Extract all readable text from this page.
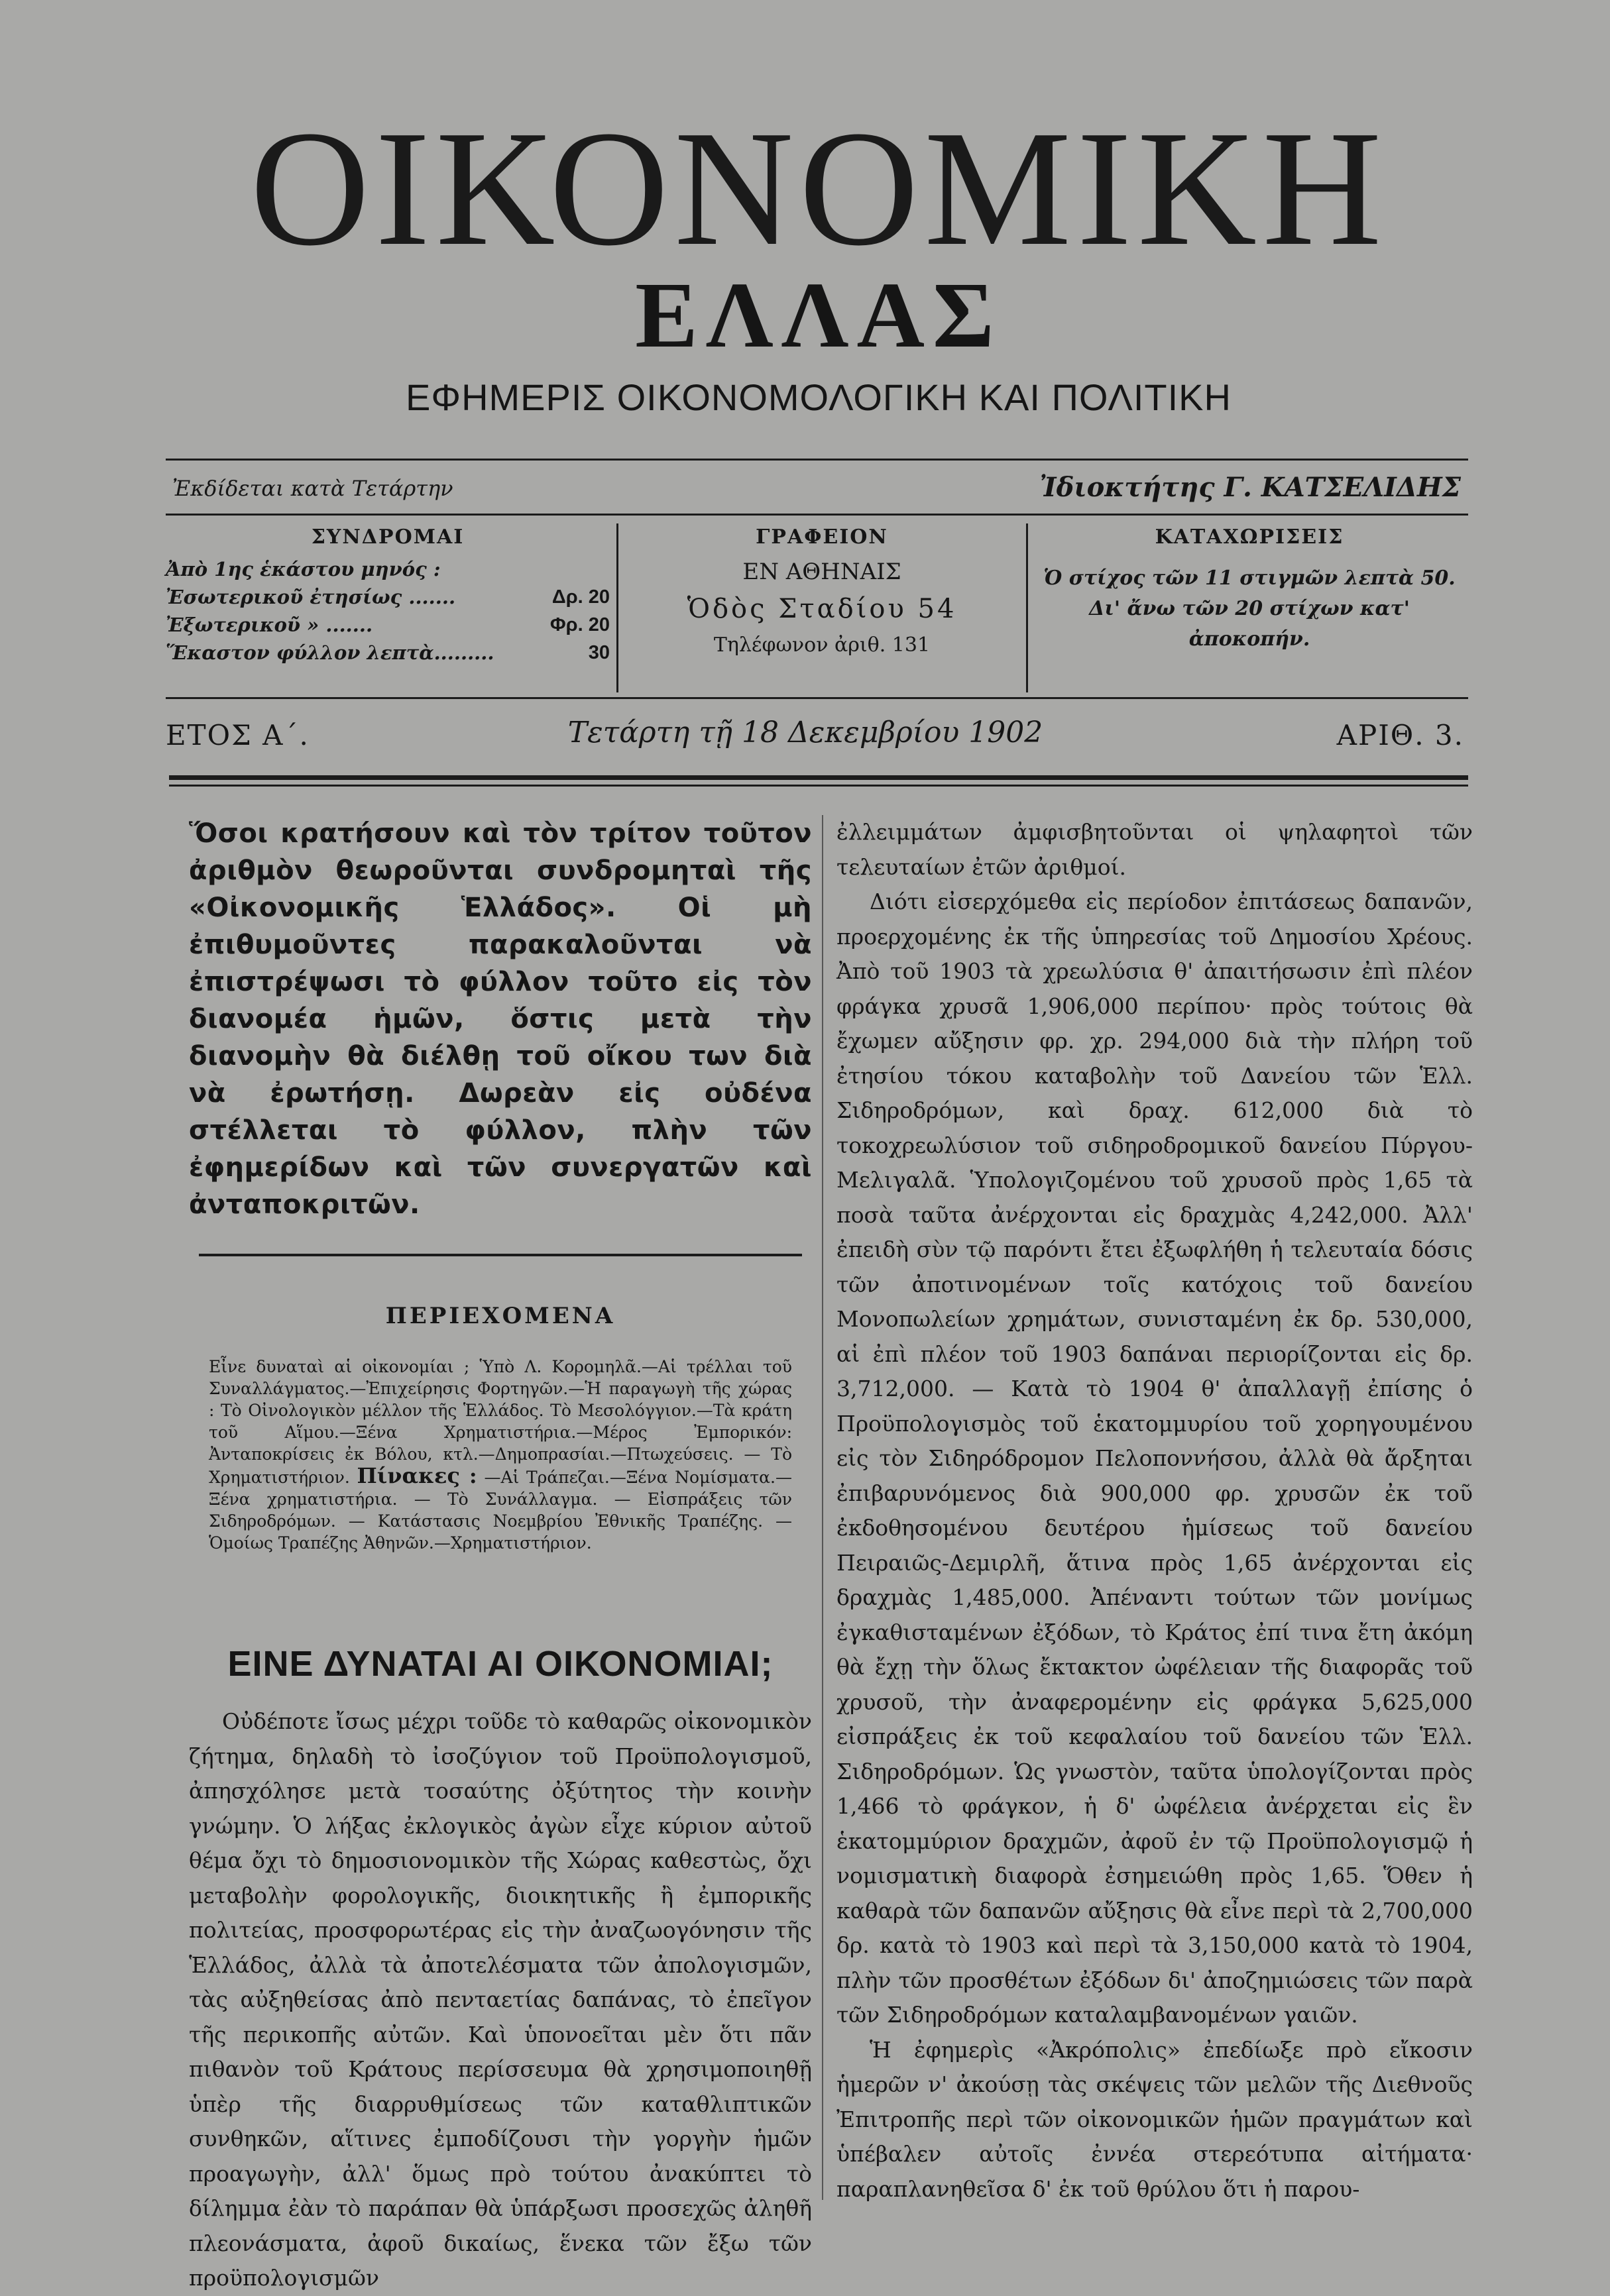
ΟΙΚΟΝΟΜΙΚΗ
ΕΛΛΑΣ
ΕΦΗΜΕΡΙΣ ΟΙΚΟΝΟΜΟΛΟΓΙΚΗ ΚΑΙ ΠΟΛΙΤΙΚΗ
Ἐκδίδεται κατὰ Τετάρτην	Ἰδιοκτήτης Γ. ΚΑΤΣΕΛΙΔΗΣ
ΣΥΝΔΡΟΜΑΙ
Ἀπὸ 1ης ἑκάστου μηνός :
Ἐσωτερικοῦ ἐτησίως .......	Δρ. 20
Ἐξωτερικοῦ » .......	Φρ. 20
Ἕκαστον φύλλον λεπτὰ.........	30
ΓΡΑΦΕΙΟΝ
ΕΝ ΑΘΗΝΑΙΣ
Ὁδὸς Σταδίου 54
Τηλέφωνον ἀριθ. 131
ΚΑΤΑΧΩΡΙΣΕΙΣ
Ὁ στίχος τῶν 11 στιγμῶν λεπτὰ 50. Δι' ἄνω τῶν 20 στίχων κατ' ἀποκοπήν.
ΕΤΟΣ Α΄.	Τετάρτη τῇ 18 Δεκεμβρίου 1902	ΑΡΙΘ. 3.

Ὅσοι κρατήσουν καὶ τὸν τρίτον τοῦτον ἀριθμὸν θεωροῦνται συνδρομηταὶ τῆς «Οἰκονομικῆς Ἑλλάδος». Οἱ μὴ ἐπιθυμοῦντες παρακαλοῦνται νὰ ἐπιστρέψωσι τὸ φύλλον τοῦτο εἰς τὸν διανομέα ἡμῶν, ὅστις μετὰ τὴν διανομὴν θὰ διέλθῃ τοῦ οἴκου των διὰ νὰ ἐρωτήσῃ. Δωρεὰν εἰς οὐδένα στέλλεται τὸ φύλλον, πλὴν τῶν ἐφημερίδων καὶ τῶν συνεργατῶν καὶ ἀνταποκριτῶν.

ΠΕΡΙΕΧΟΜΕΝΑ
Εἶνε δυναταὶ αἱ οἰκονομίαι ; Ὑπὸ Λ. Κορομηλᾶ.—Αἱ τρέλλαι τοῦ Συναλλάγματος.—Ἐπιχείρησις Φορτηγῶν.—Ἡ παραγωγὴ τῆς χώρας : Τὸ Οἰνολογικὸν μέλλον τῆς Ἑλλάδος. Τὸ Μεσολόγγιον.—Τὰ κράτη τοῦ Αἵμου.—Ξένα Χρηματιστήρια.—Μέρος Ἐμπορικόν: Ἀνταποκρίσεις ἐκ Βόλου, κτλ.—Δημοπρασίαι.—Πτωχεύσεις. — Τὸ Χρηματιστήριον. Πίνακες : —Αἱ Τράπεζαι.—Ξένα Νομίσματα.—Ξένα χρηματιστήρια. — Τὸ Συνάλλαγμα. — Εἰσπράξεις τῶν Σιδηροδρόμων. — Κατάστασις Νοεμβρίου Ἐθνικῆς Τραπέζης. — Ὁμοίως Τραπέζης Ἀθηνῶν.—Χρηματιστήριον.
ΕΙΝΕ ΔΥΝΑΤΑΙ ΑΙ ΟΙΚΟΝΟΜΙΑΙ;

Οὐδέποτε ἴσως μέχρι τοῦδε τὸ καθαρῶς οἰκονομικὸν ζήτημα, δηλαδὴ τὸ ἰσοζύγιον τοῦ Προϋπολογισμοῦ, ἀπησχόλησε μετὰ τοσαύτης ὀξύτητος τὴν κοινὴν γνώμην. Ὁ λήξας ἐκλογικὸς ἀγὼν εἶχε κύριον αὐτοῦ θέμα ὄχι τὸ δημοσιονομικὸν τῆς Χώρας καθεστὼς, ὄχι μεταβολὴν φορολογικῆς, διοικητικῆς ἢ ἐμπορικῆς πολιτείας, προσφορωτέρας εἰς τὴν ἀναζωογόνησιν τῆς Ἑλλάδος, ἀλλὰ τὰ ἀποτελέσματα τῶν ἀπολογισμῶν, τὰς αὐξηθείσας ἀπὸ πενταετίας δαπάνας, τὸ ἐπεῖγον τῆς περικοπῆς αὐτῶν. Καὶ ὑπονοεῖται μὲν ὅτι πᾶν πιθανὸν τοῦ Κράτους περίσσευμα θὰ χρησιμοποιηθῇ ὑπὲρ τῆς διαρρυθμίσεως τῶν καταθλιπτικῶν συνθηκῶν, αἵτινες ἐμποδίζουσι τὴν γοργὴν ἡμῶν προαγωγὴν, ἀλλ' ὅμως πρὸ τούτου ἀνακύπτει τὸ δίλημμα ἐὰν τὸ παράπαν θὰ ὑπάρξωσι προσεχῶς ἀληθῆ πλεονάσματα, ἀφοῦ δικαίως, ἕνεκα τῶν ἔξω τῶν προϋπολογισμῶν

ἐλλειμμάτων ἀμφισβητοῦνται οἱ ψηλαφητοὶ τῶν τελευταίων ἐτῶν ἀριθμοί.

Διότι εἰσερχόμεθα εἰς περίοδον ἐπιτάσεως δαπανῶν, προερχομένης ἐκ τῆς ὑπηρεσίας τοῦ Δημοσίου Χρέους. Ἀπὸ τοῦ 1903 τὰ χρεωλύσια θ' ἀπαιτήσωσιν ἐπὶ πλέον φράγκα χρυσᾶ 1,906,000 περίπου· πρὸς τούτοις θὰ ἔχωμεν αὔξησιν φρ. χρ. 294,000 διὰ τὴν πλήρη τοῦ ἐτησίου τόκου καταβολὴν τοῦ Δανείου τῶν Ἑλλ. Σιδηροδρόμων, καὶ δραχ. 612,000 διὰ τὸ τοκοχρεωλύσιον τοῦ σιδηροδρομικοῦ δανείου Πύργου-Μελιγαλᾶ. Ὑπολογιζομένου τοῦ χρυσοῦ πρὸς 1,65 τὰ ποσὰ ταῦτα ἀνέρχονται εἰς δραχμὰς 4,242,000. Ἀλλ' ἐπειδὴ σὺν τῷ παρόντι ἔτει ἐξωφλήθη ἡ τελευταία δόσις τῶν ἀποτινομένων τοῖς κατόχοις τοῦ δανείου Μονοπωλείων χρημάτων, συνισταμένη ἐκ δρ. 530,000, αἱ ἐπὶ πλέον τοῦ 1903 δαπάναι περιορίζονται εἰς δρ. 3,712,000. — Κατὰ τὸ 1904 θ' ἀπαλλαγῇ ἐπίσης ὁ Προϋπολογισμὸς τοῦ ἑκατομμυρίου τοῦ χορηγουμένου εἰς τὸν Σιδηρόδρομον Πελοποννήσου, ἀλλὰ θὰ ἄρξηται ἐπιβαρυνόμενος διὰ 900,000 φρ. χρυσῶν ἐκ τοῦ ἐκδοθησομένου δευτέρου ἡμίσεως τοῦ δανείου Πειραιῶς-Δεμιρλῆ, ἅτινα πρὸς 1,65 ἀνέρχονται εἰς δραχμὰς 1,485,000. Ἀπέναντι τούτων τῶν μονίμως ἐγκαθισταμένων ἐξόδων, τὸ Κράτος ἐπί τινα ἔτη ἀκόμη θὰ ἔχῃ τὴν ὅλως ἔκτακτον ὠφέλειαν τῆς διαφορᾶς τοῦ χρυσοῦ, τὴν ἀναφερομένην εἰς φράγκα 5,625,000 εἰσπράξεις ἐκ τοῦ κεφαλαίου τοῦ δανείου τῶν Ἑλλ. Σιδηροδρόμων. Ὡς γνωστὸν, ταῦτα ὑπολογίζονται πρὸς 1,466 τὸ φράγκον, ἡ δ' ὠφέλεια ἀνέρχεται εἰς ἓν ἑκατομμύριον δραχμῶν, ἀφοῦ ἐν τῷ Προϋπολογισμῷ ἡ νομισματικὴ διαφορὰ ἐσημειώθη πρὸς 1,65. Ὅθεν ἡ καθαρὰ τῶν δαπανῶν αὔξησις θὰ εἶνε περὶ τὰ 2,700,000 δρ. κατὰ τὸ 1903 καὶ περὶ τὰ 3,150,000 κατὰ τὸ 1904, πλὴν τῶν προσθέτων ἐξόδων δι' ἀποζημιώσεις τῶν παρὰ τῶν Σιδηροδρόμων καταλαμβανομένων γαιῶν.

Ἡ ἐφημερὶς «Ἀκρόπολις» ἐπεδίωξε πρὸ εἴκοσιν ἡμερῶν ν' ἀκούσῃ τὰς σκέψεις τῶν μελῶν τῆς Διεθνοῦς Ἐπιτροπῆς περὶ τῶν οἰκονομικῶν ἡμῶν πραγμάτων καὶ ὑπέβαλεν αὐτοῖς ἐννέα στερεότυπα αἰτήματα· παραπλανηθεῖσα δ' ἐκ τοῦ θρύλου ὅτι ἡ παρου-
